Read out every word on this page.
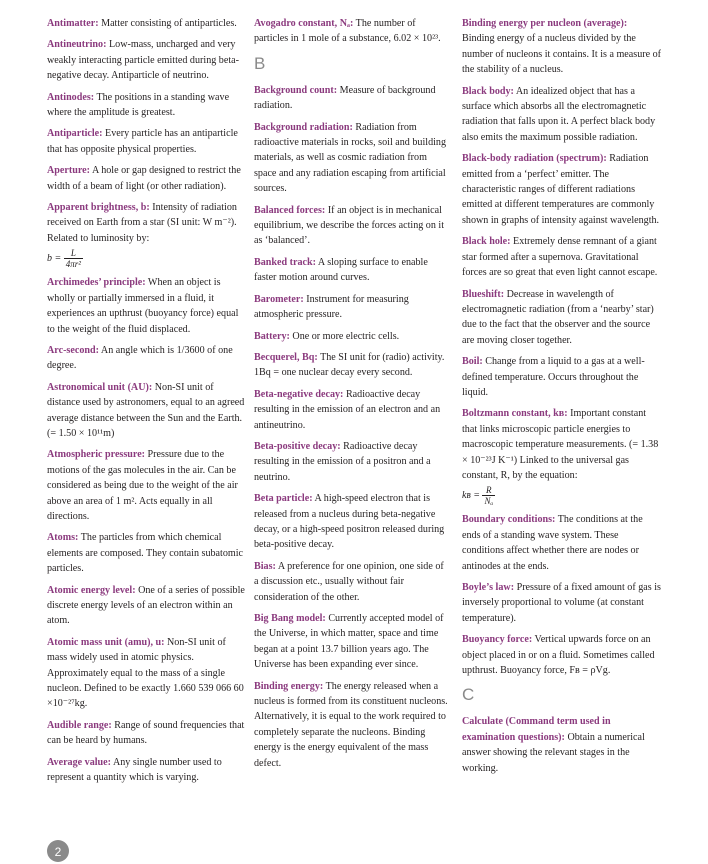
Antimatter: Matter consisting of antiparticles.

Antineutrino: Low-mass, uncharged and very weakly interacting particle emitted during beta-negative decay. Antiparticle of neutrino.

Antinodes: The positions in a standing wave where the amplitude is greatest.

Antiparticle: Every particle has an antiparticle that has opposite physical properties.

Aperture: A hole or gap designed to restrict the width of a beam of light (or other radiation).

Apparent brightness, b: Intensity of radiation received on Earth from a star (SI unit: W m⁻²). Related to luminosity by:
$b = \frac{L}{\text{4πr²}}$

Archimedes’ principle: When an object is wholly or partially immersed in a fluid, it experiences an upthrust (buoyancy force) equal to the weight of the fluid displaced.

Arc-second: An angle which is 1/3600 of one degree.

Astronomical unit (AU): Non-SI unit of distance used by astronomers, equal to an agreed average distance between the Sun and the Earth. (= 1.50 × 10¹¹m)

Atmospheric pressure: Pressure due to the motions of the gas molecules in the air. Can be considered as being due to the weight of the air above an area of 1 m². Acts equally in all directions.

Atoms: The particles from which chemical elements are composed. They contain subatomic particles.

Atomic energy level: One of a series of possible discrete energy levels of an electron within an atom.

Atomic mass unit (amu), u: Non-SI unit of mass widely used in atomic physics. Approximately equal to the mass of a single nucleon. Defined to be exactly 1.660 539 066 60 ×10⁻²⁷kg.

Audible range: Range of sound frequencies that can be heard by humans.

Average value: Any single number used to represent a quantity which is varying.

Avogadro constant, Nₐ: The number of particles in 1 mole of a substance, 6.02 × 10²³.

B

Background count: Measure of background radiation.

Background radiation: Radiation from radioactive materials in rocks, soil and building materials, as well as cosmic radiation from space and any radiation escaping from artificial sources.

Balanced forces: If an object is in mechanical equilibrium, we describe the forces acting on it as ‘balanced’.

Banked track: A sloping surface to enable faster motion around curves.

Barometer: Instrument for measuring atmospheric pressure.

Battery: One or more electric cells.

Becquerel, Bq: The SI unit for (radio) activity. 1Bq = one nuclear decay every second.

Beta-negative decay: Radioactive decay resulting in the emission of an electron and an antineutrino.

Beta-positive decay: Radioactive decay resulting in the emission of a positron and a neutrino.

Beta particle: A high-speed electron that is released from a nucleus during beta-negative decay, or a high-speed positron released during beta-positive decay.

Bias: A preference for one opinion, one side of a discussion etc., usually without fair consideration of the other.

Big Bang model: Currently accepted model of the Universe, in which matter, space and time began at a point 13.7 billion years ago. The Universe has been expanding ever since.

Binding energy: The energy released when a nucleus is formed from its constituent nucleons. Alternatively, it is equal to the work required to completely separate the nucleons. Binding energy is the energy equivalent of the mass defect.

Binding energy per nucleon (average): Binding energy of a nucleus divided by the number of nucleons it contains. It is a measure of the stability of a nucleus.

Black body: An idealized object that has a surface which absorbs all the electromagnetic radiation that falls upon it. A perfect black body also emits the maximum possible radiation.

Black-body radiation (spectrum): Radiation emitted from a ‘perfect’ emitter. The characteristic ranges of different radiations emitted at different temperatures are commonly shown in graphs of intensity against wavelength.

Black hole: Extremely dense remnant of a giant star formed after a supernova. Gravitational forces are so great that even light cannot escape.

Blueshift: Decrease in wavelength of electromagnetic radiation (from a ‘nearby’ star) due to the fact that the observer and the source are moving closer together.

Boil: Change from a liquid to a gas at a well-defined temperature. Occurs throughout the liquid.

Boltzmann constant, kʙ: Important constant that links microscopic particle energies to macroscopic temperature measurements. (= 1.38 × 10⁻²³J K⁻¹) Linked to the universal gas constant, R, by the equation:
kʙ = $\frac{R}{\text{Nₐ}}$

Boundary conditions: The conditions at the ends of a standing wave system. These conditions affect whether there are nodes or antinodes at the ends.

Boyle’s law: Pressure of a fixed amount of gas is inversely proportional to volume (at constant temperature).

Buoyancy force: Vertical upwards force on an object placed in or on a fluid. Sometimes called upthrust. Buoyancy force, Fʙ = ρVg.

C

Calculate (Command term used in examination questions): Obtain a numerical answer showing the relevant stages in the working.

2
